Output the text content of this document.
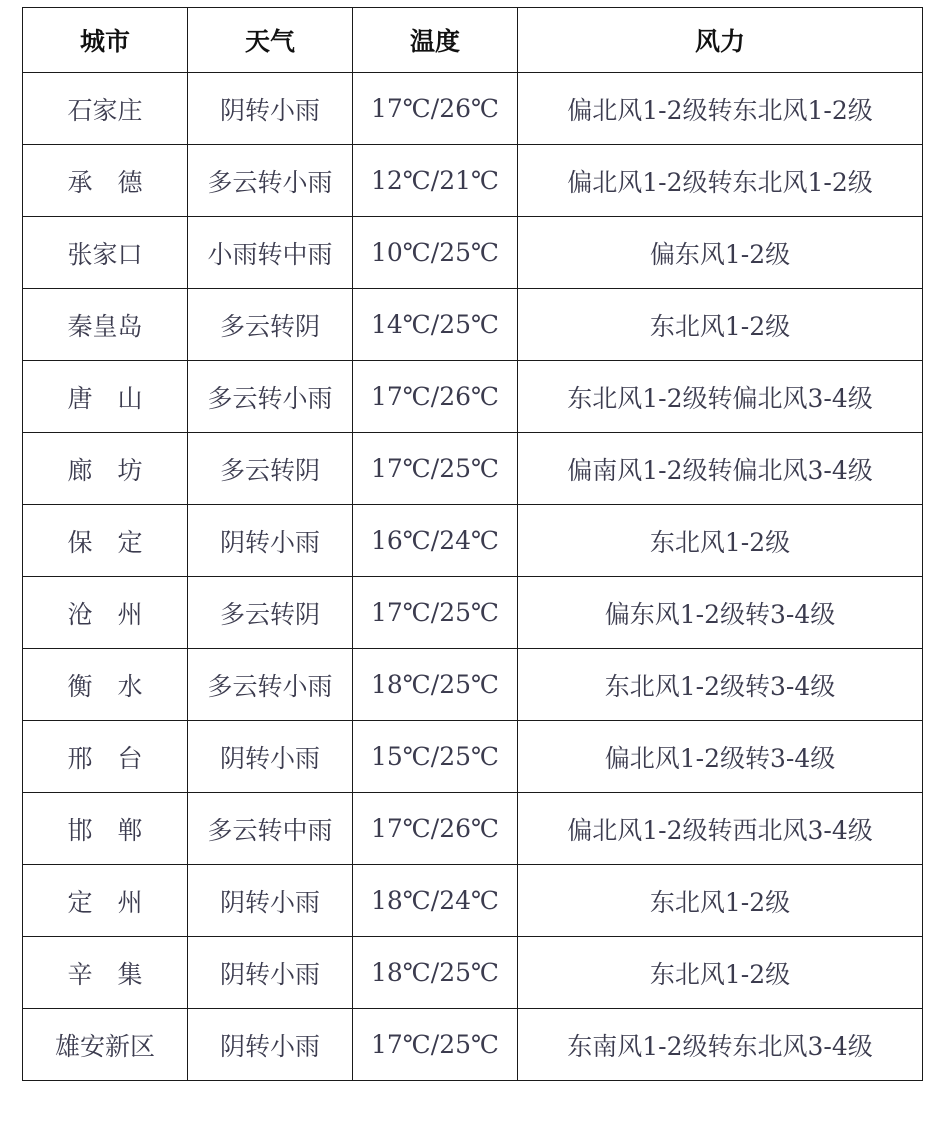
城市	天气	温度	风力
石家庄	阴转小雨	17℃/26℃	偏北风1-2级转东北风1-2级
承　德	多云转小雨	12℃/21℃	偏北风1-2级转东北风1-2级
张家口	小雨转中雨	10℃/25℃	偏东风1-2级
秦皇岛	多云转阴	14℃/25℃	东北风1-2级
唐　山	多云转小雨	17℃/26℃	东北风1-2级转偏北风3-4级
廊　坊	多云转阴	17℃/25℃	偏南风1-2级转偏北风3-4级
保　定	阴转小雨	16℃/24℃	东北风1-2级
沧　州	多云转阴	17℃/25℃	偏东风1-2级转3-4级
衡　水	多云转小雨	18℃/25℃	东北风1-2级转3-4级
邢　台	阴转小雨	15℃/25℃	偏北风1-2级转3-4级
邯　郸	多云转中雨	17℃/26℃	偏北风1-2级转西北风3-4级
定　州	阴转小雨	18℃/24℃	东北风1-2级
辛　集	阴转小雨	18℃/25℃	东北风1-2级
雄安新区	阴转小雨	17℃/25℃	东南风1-2级转东北风3-4级
